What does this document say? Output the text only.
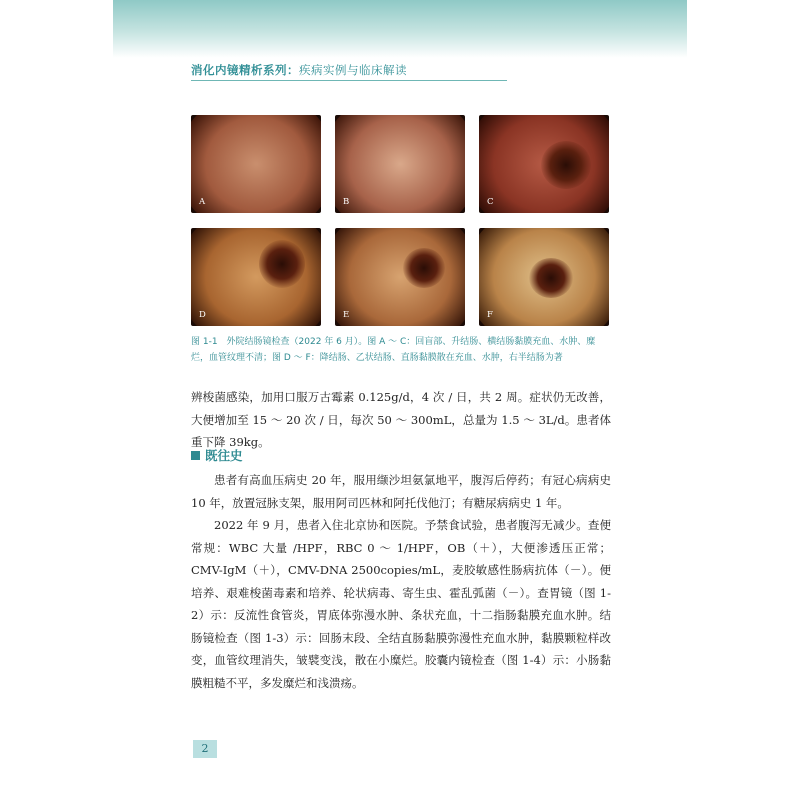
消化内镜精析系列：疾病实例与临床解读
A	B	C
D	E	F
图 1-1　外院结肠镜检查（2022 年 6 月）。图 A ～ C：回盲部、升结肠、横结肠黏膜充血、水肿、糜烂，血管纹理不清；图 D ～ F：降结肠、乙状结肠、直肠黏膜散在充血、水肿，右半结肠为著

辨梭菌感染，加用口服万古霉素 0.125g/d，4 次 / 日，共 2 周。症状仍无改善，大便增加至 15 ～ 20 次 / 日，每次 50 ～ 300mL，总量为 1.5 ～ 3L/d。患者体重下降 39kg。

既往史

患者有高血压病史 20 年，服用缬沙坦氨氯地平，腹泻后停药；有冠心病病史 10 年，放置冠脉支架，服用阿司匹林和阿托伐他汀；有糖尿病病史 1 年。

2022 年 9 月，患者入住北京协和医院。予禁食试验，患者腹泻无减少。查便常规：WBC 大量 /HPF，RBC 0 ～ 1/HPF，OB（＋），大便渗透压正常；CMV-IgM（＋），CMV-DNA 2500copies/mL，麦胶敏感性肠病抗体（－）。便培养、艰难梭菌毒素和培养、轮状病毒、寄生虫、霍乱弧菌（－）。查胃镜（图 1-2）示：反流性食管炎，胃底体弥漫水肿、条状充血，十二指肠黏膜充血水肿。结肠镜检查（图 1-3）示：回肠末段、全结直肠黏膜弥漫性充血水肿，黏膜颗粒样改变，血管纹理消失，皱襞变浅，散在小糜烂。胶囊内镜检查（图 1-4）示：小肠黏膜粗糙不平，多发糜烂和浅溃疡。

2
